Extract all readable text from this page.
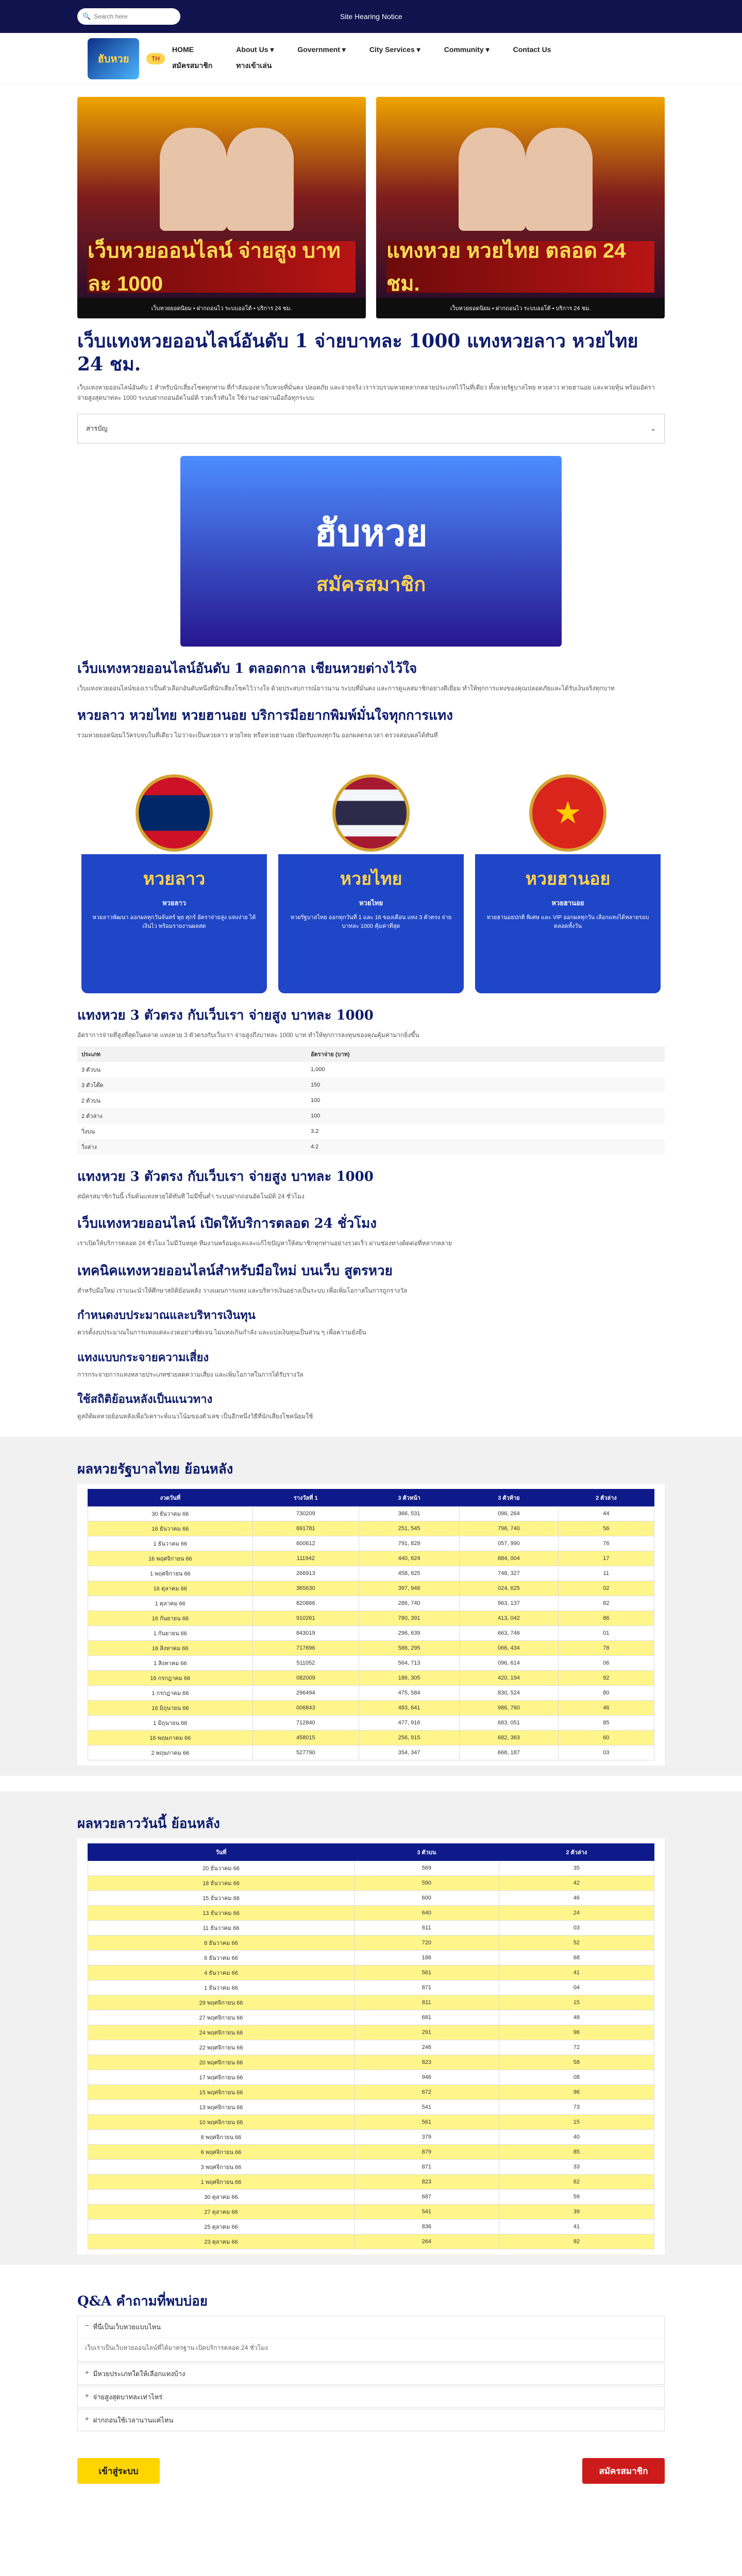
🔍
Search here	Site Hearing Notice
ฮับหวย	TH
HOME	About Us ▾	Government ▾	City Services ▾	Community ▾	Contact Us
สมัครสมาชิก	ทางเข้าเล่น
เว็บหวยออนไลน์ จ่ายสูง บาทละ 1000
เว็บหวยยอดนิยม • ฝากถอนไว ระบบออโต้ • บริการ 24 ชม.
แทงหวย หวยไทย ตลอด 24 ชม.
เว็บหวยยอดนิยม • ฝากถอนไว ระบบออโต้ • บริการ 24 ชม.
เว็บแทงหวยออนไลน์อันดับ 1 จ่ายบาทละ 1000 แทงหวยลาว หวยไทย 24 ชม.

เว็บแทงหวยออนไลน์อันดับ 1 สำหรับนักเสี่ยงโชคทุกท่าน ที่กำลังมองหาเว็บหวยที่มั่นคง ปลอดภัย และจ่ายจริง เรารวบรวมหวยหลากหลายประเภทไว้ในที่เดียว ทั้งหวยรัฐบาลไทย หวยลาว หวยฮานอย และหวยหุ้น พร้อมอัตราจ่ายสูงสุดบาทละ 1000 ระบบฝากถอนอัตโนมัติ รวดเร็วทันใจ ใช้งานง่ายผ่านมือถือทุกระบบ

สารบัญ	⌄
ฮับหวย
สมัครสมาชิก
เว็บแทงหวยออนไลน์อันดับ 1 ตลอดกาล เชียนหวยต่างไว้ใจ

เว็บแทงหวยออนไลน์ของเราเป็นตัวเลือกอันดับหนึ่งที่นักเสี่ยงโชคไว้วางใจ ด้วยประสบการณ์ยาวนาน ระบบที่มั่นคง และการดูแลสมาชิกอย่างดีเยี่ยม ทำให้ทุกการแทงของคุณปลอดภัยและได้รับเงินจริงทุกบาท

หวยลาว หวยไทย หวยฮานอย บริการมีอยากพิมพ์มั่นใจทุกการแทง

รวมหวยยอดนิยมไว้ครบจบในที่เดียว ไม่ว่าจะเป็นหวยลาว หวยไทย หรือหวยฮานอย เปิดรับแทงทุกวัน ออกผลตรงเวลา ตรวจสอบผลได้ทันที

หวยลาว
หวยลาว
หวยลาวพัฒนา ออกผลทุกวันจันทร์ พุธ ศุกร์ อัตราจ่ายสูง แทงง่าย ได้เงินไว พร้อมรายงานผลสด
หวยไทย
หวยไทย
หวยรัฐบาลไทย ออกทุกวันที่ 1 และ 16 ของเดือน แทง 3 ตัวตรง จ่ายบาทละ 1000 คุ้มค่าที่สุด
★
หวยฮานอย
หวยฮานอย
หวยฮานอยปกติ พิเศษ และ VIP ออกผลทุกวัน เลือกแทงได้หลายรอบ ตลอดทั้งวัน
แทงหวย 3 ตัวตรง กับเว็บเรา จ่ายสูง บาทละ 1000

อัตราการจ่ายที่สูงที่สุดในตลาด แทงหวย 3 ตัวตรงกับเว็บเรา จ่ายสูงถึงบาทละ 1000 บาท ทำให้ทุกการลงทุนของคุณคุ้มค่ามากยิ่งขึ้น

ประเภท	อัตราจ่าย (บาท)
3 ตัวบน	1,000
3 ตัวโต๊ด	150
2 ตัวบน	100
2 ตัวล่าง	100
วิ่งบน	3.2
วิ่งล่าง	4.2
แทงหวย 3 ตัวตรง กับเว็บเรา จ่ายสูง บาทละ 1000

สมัครสมาชิกวันนี้ เริ่มต้นแทงหวยได้ทันที ไม่มีขั้นต่ำ ระบบฝากถอนอัตโนมัติ 24 ชั่วโมง

เว็บแทงหวยออนไลน์ เปิดให้บริการตลอด 24 ชั่วโมง

เราเปิดให้บริการตลอด 24 ชั่วโมง ไม่มีวันหยุด ทีมงานพร้อมดูแลและแก้ไขปัญหาให้สมาชิกทุกท่านอย่างรวดเร็ว ผ่านช่องทางติดต่อที่หลากหลาย

เทคนิคแทงหวยออนไลน์สำหรับมือใหม่ บนเว็บ สูตรหวย

สำหรับมือใหม่ เราแนะนำให้ศึกษาสถิติย้อนหลัง วางแผนการแทง และบริหารเงินอย่างเป็นระบบ เพื่อเพิ่มโอกาสในการถูกรางวัล

กำหนดงบประมาณและบริหารเงินทุน

ควรตั้งงบประมาณในการแทงแต่ละงวดอย่างชัดเจน ไม่แทงเกินกำลัง และแบ่งเงินทุนเป็นส่วน ๆ เพื่อความยั่งยืน

แทงแบบกระจายความเสี่ยง

การกระจายการแทงหลายประเภทช่วยลดความเสี่ยง และเพิ่มโอกาสในการได้รับรางวัล

ใช้สถิติย้อนหลังเป็นแนวทาง

ดูสถิติผลหวยย้อนหลังเพื่อวิเคราะห์แนวโน้มของตัวเลข เป็นอีกหนึ่งวิธีที่นักเสี่ยงโชคนิยมใช้

ผลหวยรัฐบาลไทย ย้อนหลัง
งวดวันที่	รางวัลที่ 1	3 ตัวหน้า	3 ตัวท้าย	2 ตัวล่าง
30 ธันวาคม 66	730209	366, 531	096, 264	44
16 ธันวาคม 66	691781	251, 545	796, 740	56
1 ธันวาคม 66	600612	791, 829	057, 990	76
16 พฤศจิกายน 66	111942	440, 624	884, 004	17
1 พฤศจิกายน 66	266913	458, 825	748, 327	11
16 ตุลาคม 66	365630	397, 946	024, 625	02
1 ตุลาคม 66	820866	286, 740	963, 137	82
16 กันยายน 66	910261	780, 391	413, 042	86
1 กันยายน 66	843019	296, 639	663, 746	01
16 สิงหาคม 66	717696	586, 295	066, 434	78
1 สิงหาคม 66	511052	564, 713	096, 614	06
16 กรกฎาคม 66	082009	186, 305	420, 194	92
1 กรกฎาคม 66	296494	475, 584	830, 524	80
16 มิถุนายน 66	006843	483, 641	986, 760	46
1 มิถุนายน 66	712840	477, 916	683, 051	85
16 พฤษภาคม 66	458015	256, 915	682, 363	60
2 พฤษภาคม 66	527790	354, 347	668, 187	03
ผลหวยลาววันนี้ ย้อนหลัง
วันที่	3 ตัวบน	2 ตัวล่าง
20 ธันวาคม 66	569	35
18 ธันวาคม 66	590	42
15 ธันวาคม 66	600	46
13 ธันวาคม 66	640	24
11 ธันวาคม 66	611	03
8 ธันวาคม 66	720	52
6 ธันวาคม 66	186	68
4 ธันวาคม 66	561	41
1 ธันวาคม 66	871	04
29 พฤศจิกายน 66	811	15
27 พฤศจิกายน 66	681	48
24 พฤศจิกายน 66	291	96
22 พฤศจิกายน 66	246	72
20 พฤศจิกายน 66	823	58
17 พฤศจิกายน 66	946	08
15 พฤศจิกายน 66	672	96
13 พฤศจิกายน 66	541	73
10 พฤศจิกายน 66	561	15
8 พฤศจิกายน 66	379	40
6 พฤศจิกายน 66	879	85
3 พฤศจิกายน 66	871	33
1 พฤศจิกายน 66	823	62
30 ตุลาคม 66	687	59
27 ตุลาคม 66	541	39
25 ตุลาคม 66	836	41
23 ตุลาคม 66	264	92
Q&A คำถามที่พบบ่อย
− ที่นี่เป็นเว็บหวยแบบไหน
เว็บเราเป็นเว็บหวยออนไลน์ที่ได้มาตรฐาน เปิดบริการตลอด 24 ชั่วโมง
+ มีหวยประเภทใดให้เลือกแทงบ้าง
+ จ่ายสูงสุดบาทละเท่าไหร่
+ ฝากถอนใช้เวลานานแค่ไหน
เข้าสู่ระบบ	สมัครสมาชิก
